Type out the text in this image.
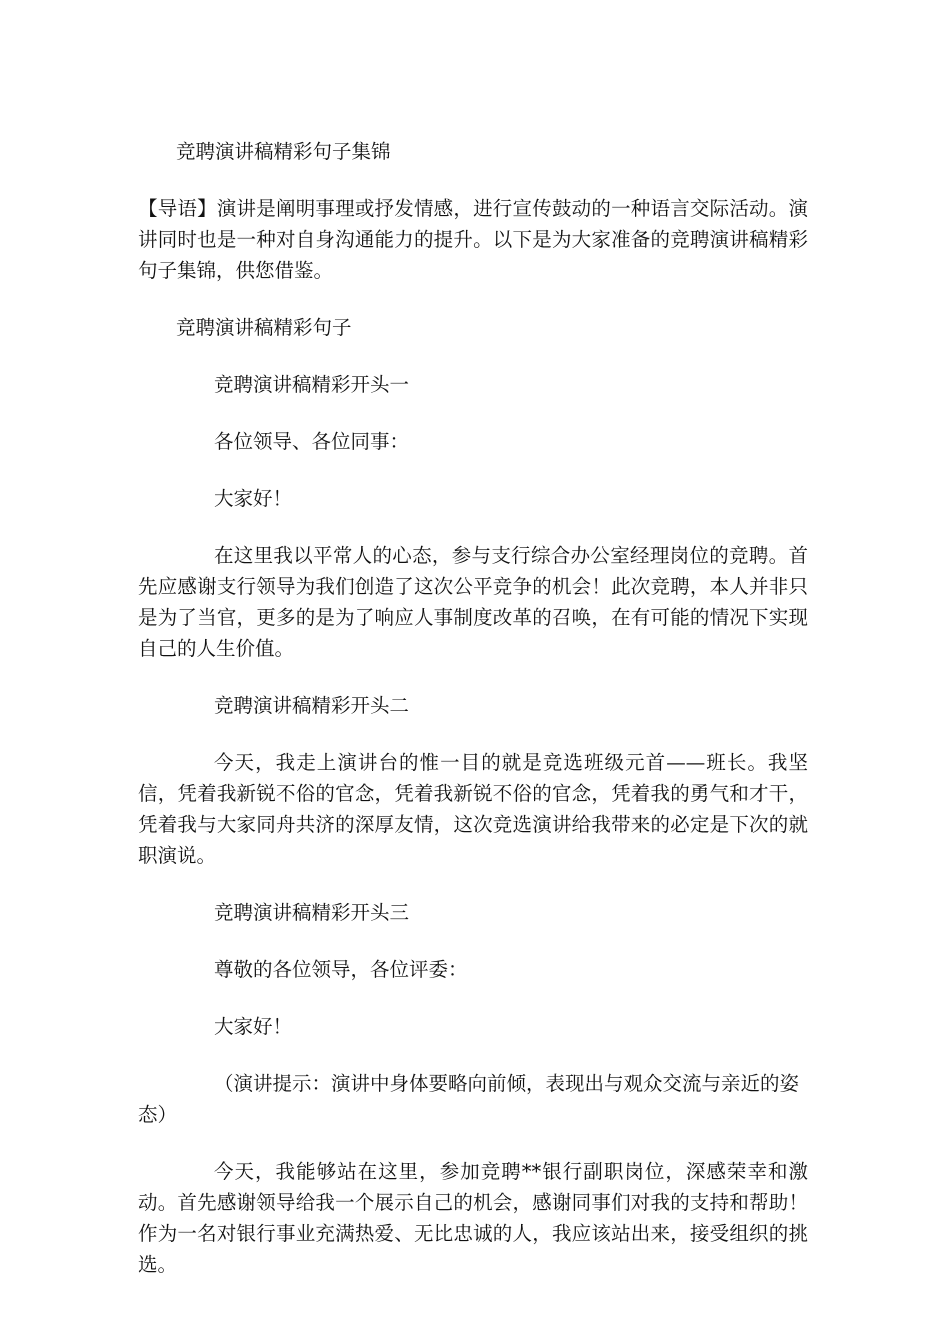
竞聘演讲稿精彩句子集锦

【导语】演讲是阐明事理或抒发情感，进行宣传鼓动的一种语言交际活动。演讲同时也是一种对自身沟通能力的提升。以下是为大家准备的竞聘演讲稿精彩句子集锦，供您借鉴。

竞聘演讲稿精彩句子

竞聘演讲稿精彩开头一

各位领导、各位同事：

大家好！

在这里我以平常人的心态，参与支行综合办公室经理岗位的竞聘。首先应感谢支行领导为我们创造了这次公平竞争的机会！此次竞聘，本人并非只是为了当官，更多的是为了响应人事制度改革的召唤，在有可能的情况下实现自己的人生价值。

竞聘演讲稿精彩开头二

今天，我走上演讲台的惟一目的就是竞选班级元首——班长。我坚信，凭着我新锐不俗的官念，凭着我新锐不俗的官念，凭着我的勇气和才干，凭着我与大家同舟共济的深厚友情，这次竞选演讲给我带来的必定是下次的就职演说。

竞聘演讲稿精彩开头三

尊敬的各位领导，各位评委：

大家好！

（演讲提示：演讲中身体要略向前倾，表现出与观众交流与亲近的姿态）

今天，我能够站在这里，参加竞聘**银行副职岗位，深感荣幸和激动。首先感谢领导给我一个展示自己的机会，感谢同事们对我的支持和帮助！作为一名对银行事业充满热爱、无比忠诚的人，我应该站出来，接受组织的挑选。
